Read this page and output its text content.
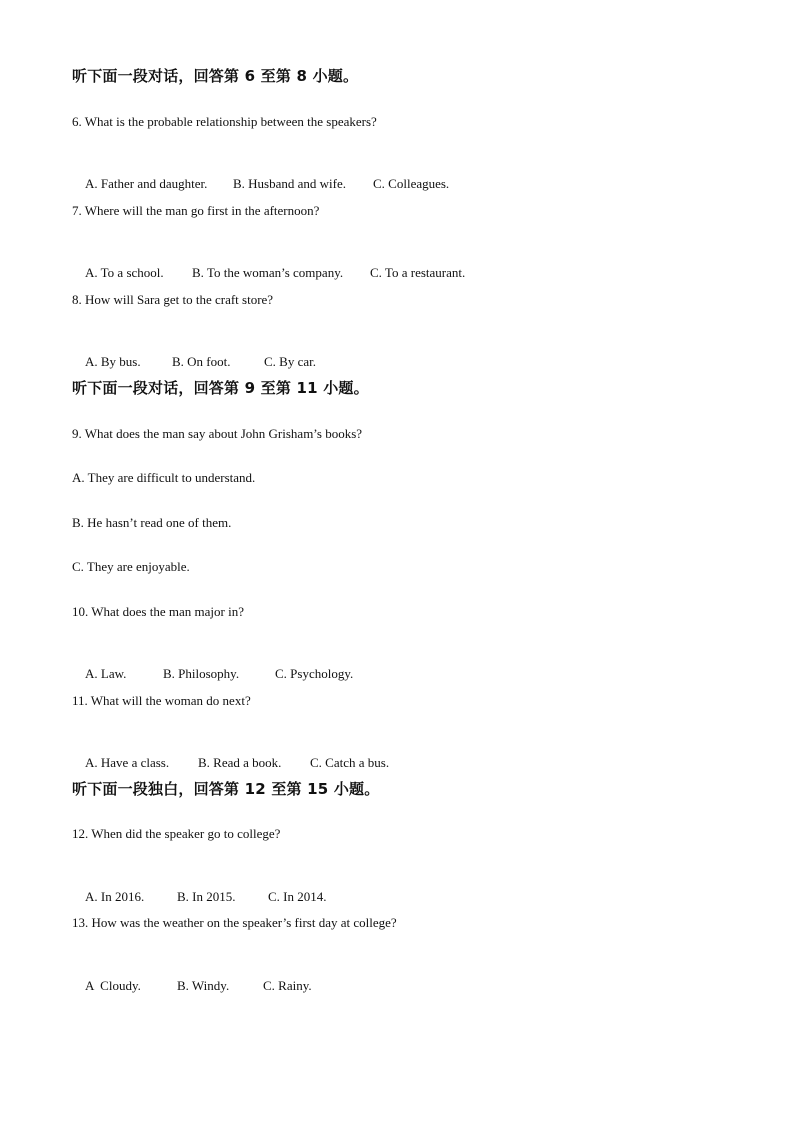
听下面一段对话，回答第 6 至第 8 小题。
6. What is the probable relationship between the speakers?

A. Father and daughter. B. Husband and wife. C. Colleagues.

7. Where will the man go first in the afternoon?

A. To a school. B. To the woman’s company. C. To a restaurant.

8. How will Sara get to the craft store?

A. By bus. B. On foot.	C. By car.

听下面一段对话，回答第 9 至第 11 小题。
9. What does the man say about John Grisham’s books?
A. They are difficult to understand.
B. He hasn’t read one of them.
C. They are enjoyable.
10. What does the man major in?

A. Law.	B. Philosophy.	C. Psychology.

11. What will the woman do next?

A. Have a class. B. Read a book. C. Catch a bus.

听下面一段独白，回答第 12 至第 15 小题。
12. When did the speaker go to college?

A. In 2016.	B. In 2015.	C. In 2014.

13. How was the weather on the speaker’s first day at college?

A  Cloudy.	B. Windy.	C. Rainy.
